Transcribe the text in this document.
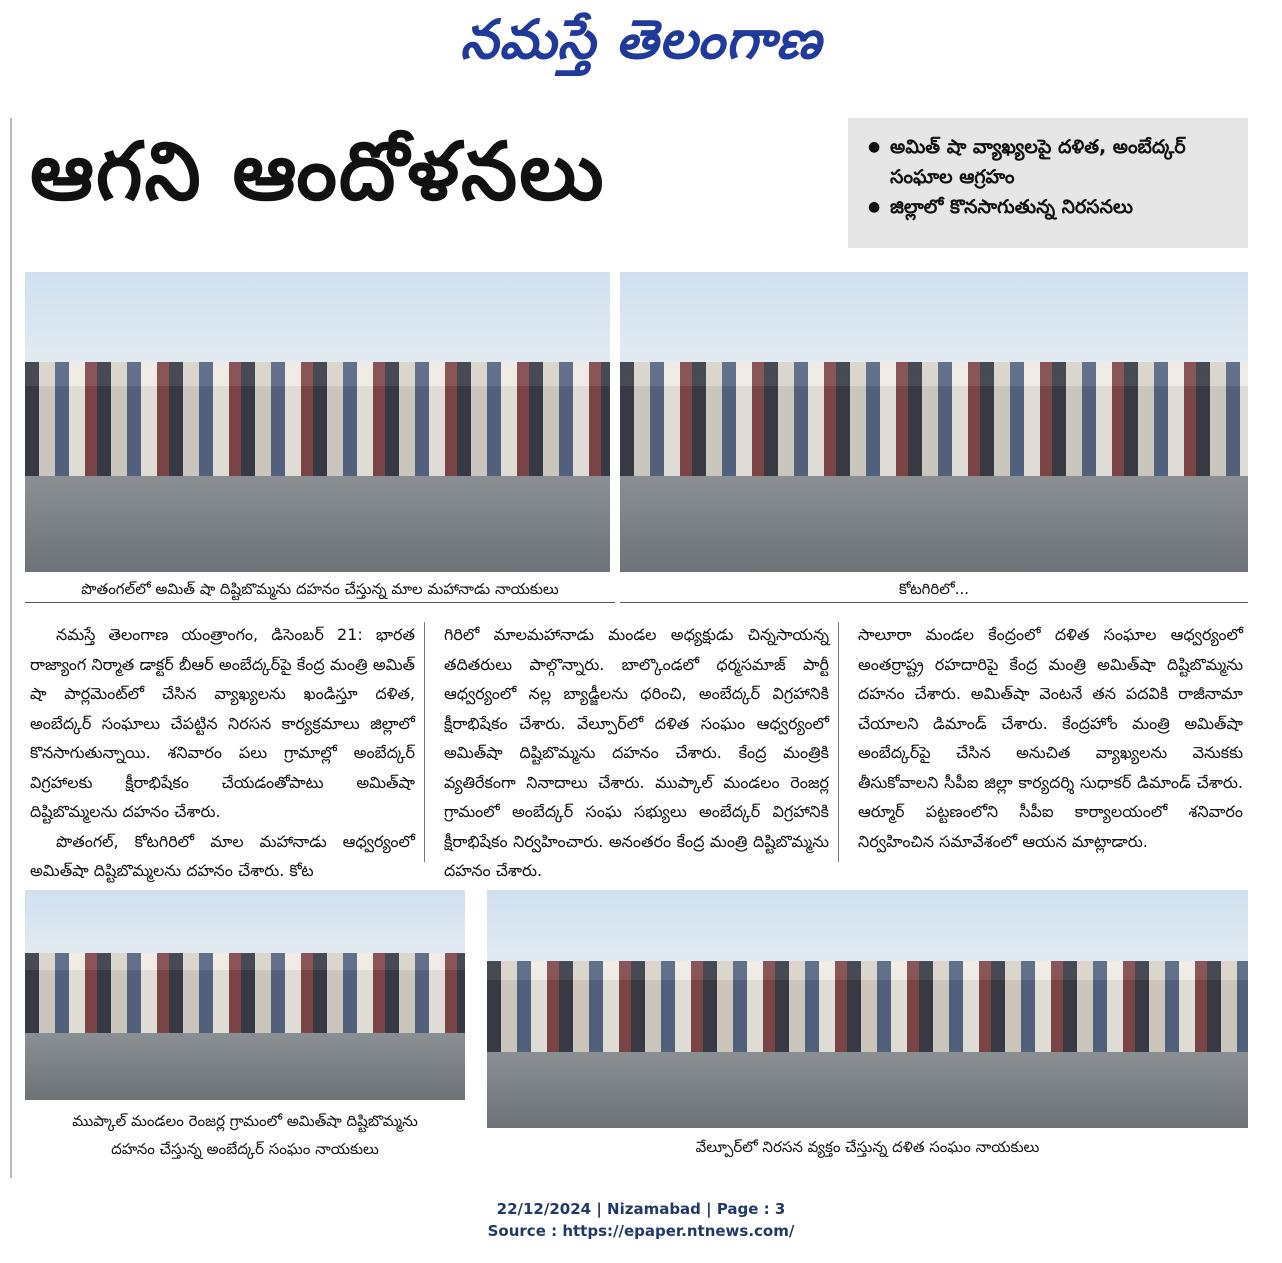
నమస్తే తెలంగాణ
ఆగని ఆందోళనలు
●	అమిత్ షా వ్యాఖ్యలపై దళిత, అంబేద్కర్ సంఘాల ఆగ్రహం
● జిల్లాలో కొనసాగుతున్న నిరసనలు
పొతంగల్‌లో అమిత్ షా దిష్టిబొమ్మను దహనం చేస్తున్న మాల మహానాడు నాయకులు	కోటగిరిలో...

నమస్తే తెలంగాణ యంత్రాంగం, డిసెంబర్ 21: భారత రాజ్యాంగ నిర్మాత డాక్టర్ బీఆర్ అంబేద్కర్‌పై కేంద్ర మంత్రి అమిత్ షా పార్లమెంట్‌లో చేసిన వ్యాఖ్యలను ఖండిస్తూ దళిత, అంబేద్కర్ సంఘాలు చేపట్టిన నిరసన కార్యక్రమాలు జిల్లాలో కొనసాగుతున్నాయి. శనివారం పలు గ్రామాల్లో అంబేద్కర్ విగ్రహాలకు క్షీరాభిషేకం చేయడంతోపాటు అమిత్‌షా దిష్టిబొమ్మలను దహనం చేశారు.

పొతంగల్, కోటగిరిలో మాల మహానాడు ఆధ్వర్యంలో అమిత్‌షా దిష్టిబొమ్మలను దహనం చేశారు. కోట

గిరిలో మాలమహానాడు మండల అధ్యక్షుడు చిన్నసాయన్న తదితరులు పాల్గొన్నారు. బాల్కొండలో ధర్మసమాజ్ పార్టీ ఆధ్వర్యంలో నల్ల బ్యాడ్జీలను ధరించి, అంబేద్కర్ విగ్రహానికి క్షీరాభిషేకం చేశారు. వేల్పూర్‌లో దళిత సంఘం ఆధ్వర్యంలో అమిత్‌షా దిష్టిబొమ్మను దహనం చేశారు. కేంద్ర మంత్రికి వ్యతిరేకంగా నినాదాలు చేశారు. ముప్కాల్ మండలం రెంజర్ల గ్రామంలో అంబేద్కర్ సంఘ సభ్యులు అంబేద్కర్ విగ్రహానికి క్షీరాభిషేకం నిర్వహించారు. అనంతరం కేంద్ర మంత్రి దిష్టిబొమ్మను దహనం చేశారు.

సాలూరా మండల కేంద్రంలో దళిత సంఘాల ఆధ్వర్యంలో అంతర్రాష్ట్ర రహదారిపై కేంద్ర మంత్రి అమిత్‌షా దిష్టిబొమ్మను దహనం చేశారు. అమిత్‌షా వెంటనే తన పదవికి రాజీనామా చేయాలని డిమాండ్ చేశారు. కేంద్రహోం మంత్రి అమిత్‌షా అంబేద్కర్‌పై చేసిన అనుచిత వ్యాఖ్యలను వెనుకకు తీసుకోవాలని సీపీఐ జిల్లా కార్యదర్శి సుధాకర్ డిమాండ్ చేశారు. ఆర్మూర్ పట్టణంలోని సీపీఐ కార్యాలయంలో శనివారం నిర్వహించిన సమావేశంలో ఆయన మాట్లాడారు.

ముప్కాల్ మండలం రెంజర్ల గ్రామంలో అమిత్‌షా దిష్టిబొమ్మను
దహనం చేస్తున్న అంబేద్కర్ సంఘం నాయకులు	వేల్పూర్‌లో నిరసన వ్యక్తం చేస్తున్న దళిత సంఘం నాయకులు
22/12/2024 | Nizamabad | Page : 3
Source : https://epaper.ntnews.com/
